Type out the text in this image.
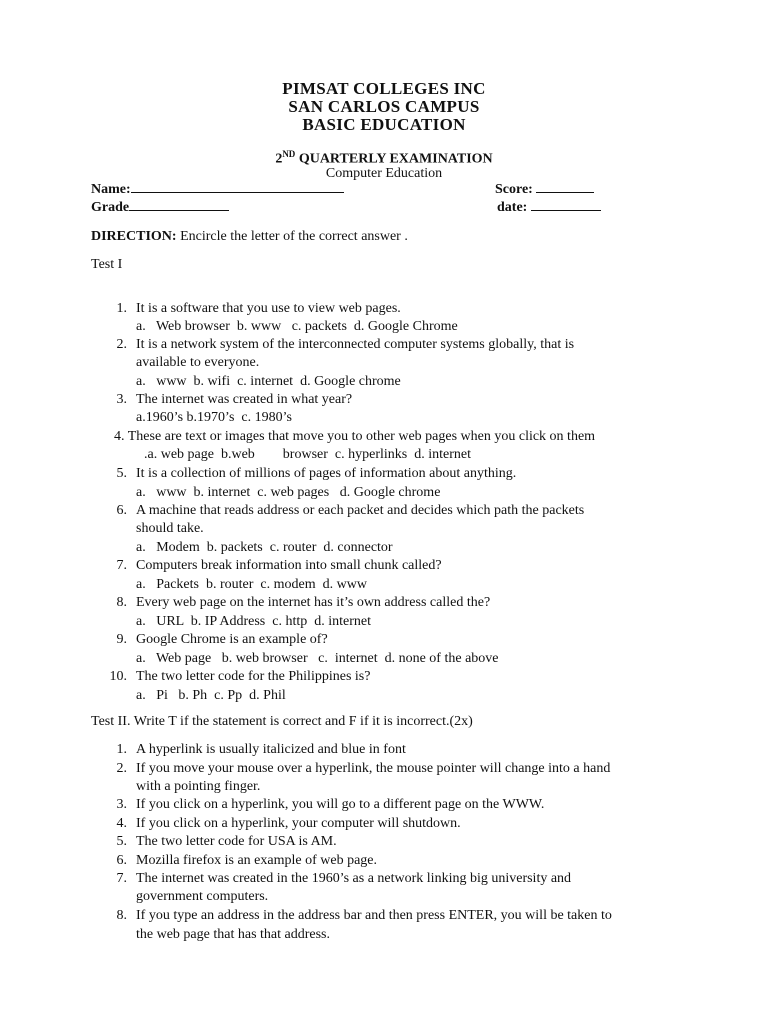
PIMSAT COLLEGES INC
SAN CARLOS CAMPUS
BASIC EDUCATION
2ND QUARTERLY EXAMINATION
Computer Education
Name:	Score:
Grade	date:
DIRECTION: Encircle the letter of the correct answer .
Test I
1. It is a software that you use to view web pages.
a.   Web browser  b. www   c. packets  d. Google Chrome
2. It is a network system of the interconnected computer systems globally, that is
available to everyone.
a.   www  b. wifi  c. internet  d. Google chrome
3. The internet was created in what year?
a.1960’s b.1970’s  c. 1980’s
4. These are text or images that move you to other web pages when you click on them
.a. web page  b.web        browser  c. hyperlinks  d. internet
5. It is a collection of millions of pages of information about anything.
a.   www  b. internet  c. web pages   d. Google chrome
6. A machine that reads address or each packet and decides which path the packets
should take.
a.   Modem  b. packets  c. router  d. connector
7. Computers break information into small chunk called?
a.   Packets  b. router  c. modem  d. www
8. Every web page on the internet has it’s own address called the?
a.   URL  b. IP Address  c. http  d. internet
9. Google Chrome is an example of?
a.   Web page   b. web browser   c.  internet  d. none of the above
10. The two letter code for the Philippines is?
a.   Pi   b. Ph  c. Pp  d. Phil
Test II. Write T if the statement is correct and F if it is incorrect.(2x)
1. A hyperlink is usually italicized and blue in font
2. If you move your mouse over a hyperlink, the mouse pointer will change into a hand
with a pointing finger.
3. If you click on a hyperlink, you will go to a different page on the WWW.
4. If you click on a hyperlink, your computer will shutdown.
5. The two letter code for USA is AM.
6. Mozilla firefox is an example of web page.
7. The internet was created in the 1960’s as a network linking big university and
government computers.
8. If you type an address in the address bar and then press ENTER, you will be taken to
the web page that has that address.
